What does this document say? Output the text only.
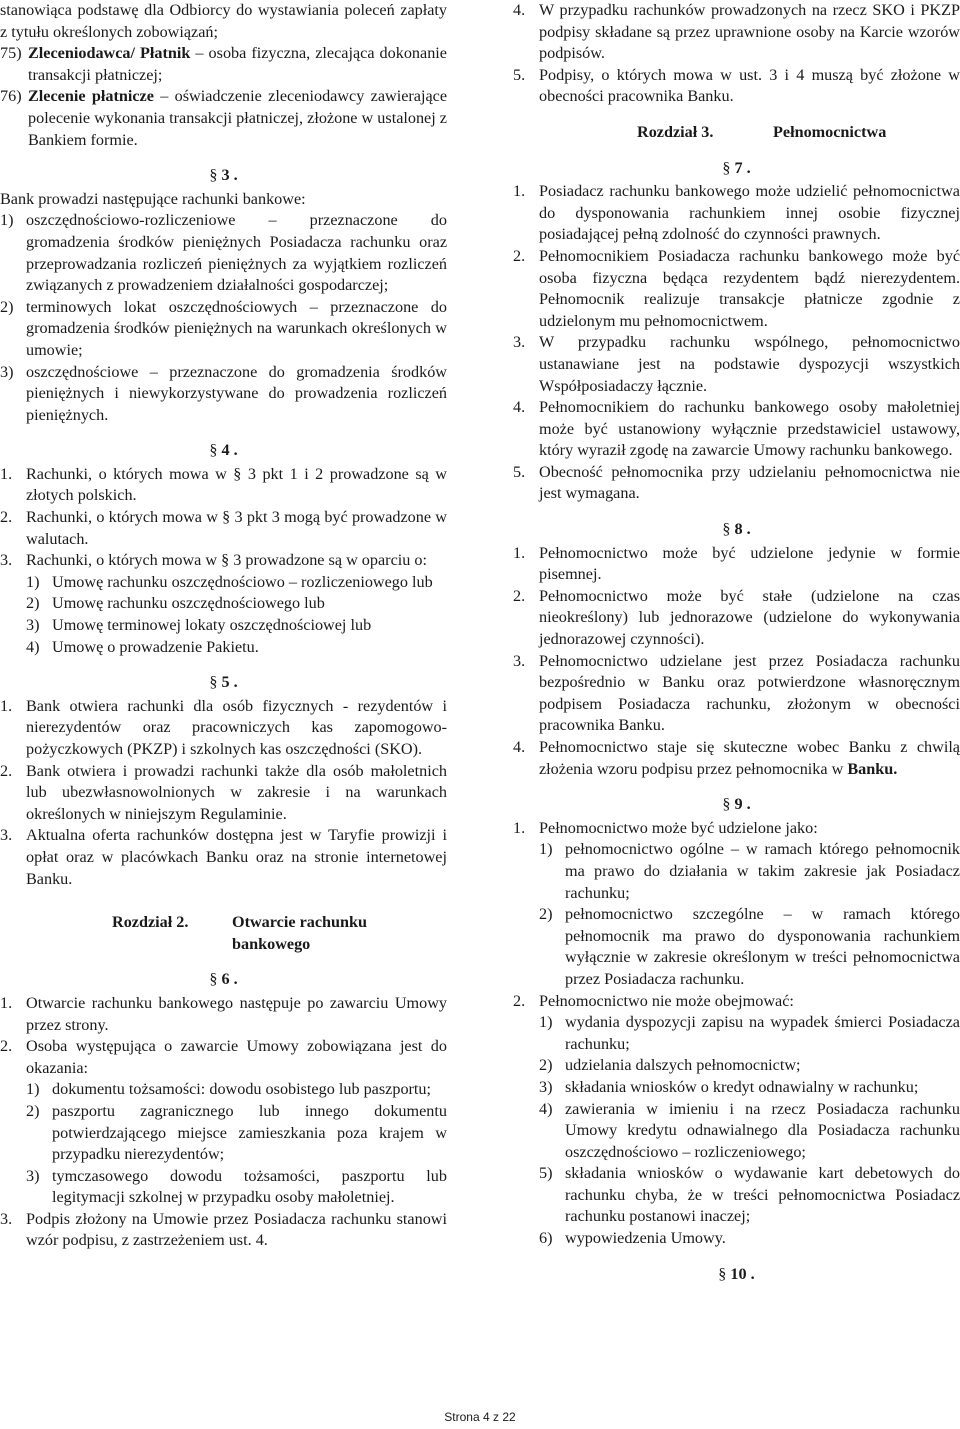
stanowiąca podstawę dla Odbiorcy do wystawiania poleceń zapłaty z tytułu określonych zobowiązań;

75) Zleceniodawca/ Płatnik – osoba fizyczna, zlecająca dokonanie transakcji płatniczej;
76) Zlecenie płatnicze – oświadczenie zleceniodawcy zawierające polecenie wykonania transakcji płatniczej, złożone w ustalonej z Bankiem formie.
§ 3 .

Bank prowadzi następujące rachunki bankowe:

1) oszczędnościowo-rozliczeniowe – przeznaczone do gromadzenia środków pieniężnych Posiadacza rachunku oraz przeprowadzania rozliczeń pieniężnych za wyjątkiem rozliczeń związanych z prowadzeniem działalności gospodarczej;
2) terminowych lokat oszczędnościowych – przeznaczone do gromadzenia środków pieniężnych na warunkach określonych w umowie;
3) oszczędnościowe – przeznaczone do gromadzenia środków pieniężnych i niewykorzystywane do prowadzenia rozliczeń pieniężnych.
§ 4 .
1. Rachunki, o których mowa w § 3 pkt 1 i 2 prowadzone są w złotych polskich.
2. Rachunki, o których mowa w § 3 pkt 3 mogą być prowadzone w walutach.
3. Rachunki, o których mowa w § 3 prowadzone są w oparciu o:
1) Umowę rachunku oszczędnościowo – rozliczeniowego lub
2) Umowę rachunku oszczędnościowego lub
3) Umowę terminowej lokaty oszczędnościowej lub
4) Umowę o prowadzenie Pakietu.
§ 5 .
1. Bank otwiera rachunki dla osób fizycznych - rezydentów i nierezydentów oraz pracowniczych kas zapomogowo-pożyczkowych (PKZP) i szkolnych kas oszczędności (SKO).
2. Bank otwiera i prowadzi rachunki także dla osób małoletnich lub ubezwłasnowolnionych w zakresie i na warunkach określonych w niniejszym Regulaminie.
3. Aktualna oferta rachunków dostępna jest w Taryfie prowizji i opłat oraz w placówkach Banku oraz na stronie internetowej Banku.
Rozdział 2.	Otwarcie rachunku bankowego
§ 6 .
1. Otwarcie rachunku bankowego następuje po zawarciu Umowy przez strony.
2. Osoba występująca o zawarcie Umowy zobowiązana jest do okazania:
1) dokumentu tożsamości: dowodu osobistego lub paszportu;
2) paszportu zagranicznego lub innego dokumentu potwierdzającego miejsce zamieszkania poza krajem w przypadku nierezydentów;
3) tymczasowego dowodu tożsamości, paszportu lub legitymacji szkolnej w przypadku osoby małoletniej.
3. Podpis złożony na Umowie przez Posiadacza rachunku stanowi wzór podpisu, z zastrzeżeniem ust. 4.
4. W przypadku rachunków prowadzonych na rzecz SKO i PKZP podpisy składane są przez uprawnione osoby na Karcie wzorów podpisów.
5. Podpisy, o których mowa w ust. 3 i 4 muszą być złożone w obecności pracownika Banku.
Rozdział 3.	Pełnomocnictwa
§ 7 .
1. Posiadacz rachunku bankowego może udzielić pełnomocnictwa do dysponowania rachunkiem innej osobie fizycznej posiadającej pełną zdolność do czynności prawnych.
2. Pełnomocnikiem Posiadacza rachunku bankowego może być osoba fizyczna będąca rezydentem bądź nierezydentem. Pełnomocnik realizuje transakcje płatnicze zgodnie z udzielonym mu pełnomocnictwem.
3. W przypadku rachunku wspólnego, pełnomocnictwo ustanawiane jest na podstawie dyspozycji wszystkich Współposiadaczy łącznie.
4. Pełnomocnikiem do rachunku bankowego osoby małoletniej może być ustanowiony wyłącznie przedstawiciel ustawowy, który wyraził zgodę na zawarcie Umowy rachunku bankowego.
5. Obecność pełnomocnika przy udzielaniu pełnomocnictwa nie jest wymagana.
§ 8 .
1. Pełnomocnictwo może być udzielone jedynie w formie pisemnej.
2. Pełnomocnictwo może być stałe (udzielone na czas nieokreślony) lub jednorazowe (udzielone do wykonywania jednorazowej czynności).
3. Pełnomocnictwo udzielane jest przez Posiadacza rachunku bezpośrednio w Banku oraz potwierdzone własnoręcznym podpisem Posiadacza rachunku, złożonym w obecności pracownika Banku.
4. Pełnomocnictwo staje się skuteczne wobec Banku z chwilą złożenia wzoru podpisu przez pełnomocnika w Banku.
§ 9 .
1. Pełnomocnictwo może być udzielone jako:
1) pełnomocnictwo ogólne – w ramach którego pełnomocnik ma prawo do działania w takim zakresie jak Posiadacz rachunku;
2) pełnomocnictwo szczególne – w ramach którego pełnomocnik ma prawo do dysponowania rachunkiem wyłącznie w zakresie określonym w treści pełnomocnictwa przez Posiadacza rachunku.
2. Pełnomocnictwo nie może obejmować:
1) wydania dyspozycji zapisu na wypadek śmierci Posiadacza rachunku;
2) udzielania dalszych pełnomocnictw;
3) składania wniosków o kredyt odnawialny w rachunku;
4) zawierania w imieniu i na rzecz Posiadacza rachunku Umowy kredytu odnawialnego dla Posiadacza rachunku oszczędnościowo – rozliczeniowego;
5) składania wniosków o wydawanie kart debetowych do rachunku chyba, że w treści pełnomocnictwa Posiadacz rachunku postanowi inaczej;
6) wypowiedzenia Umowy.
§ 10 .
Strona 4 z 22
